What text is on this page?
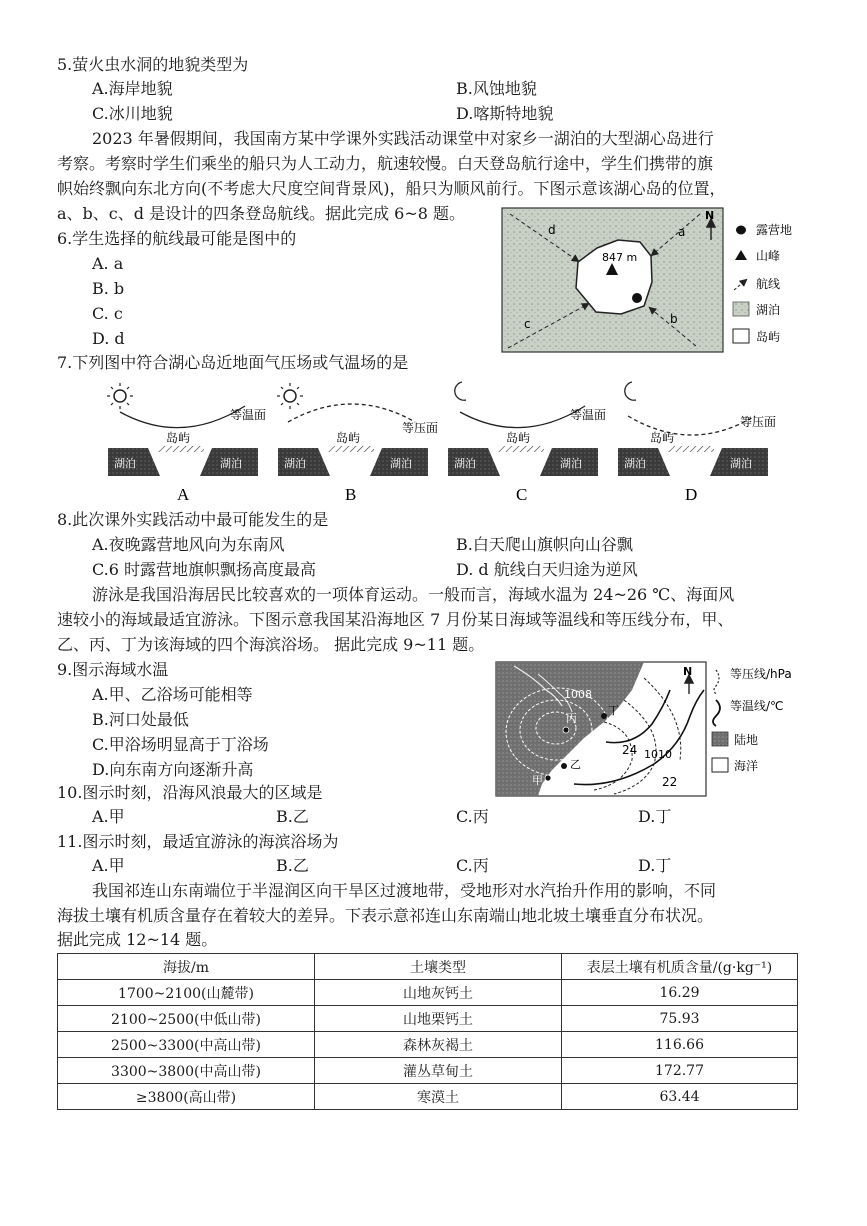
5.萤火虫水洞的地貌类型为
A.海岸地貌	B.风蚀地貌
C.冰川地貌	D.喀斯特地貌
2023 年暑假期间，我国南方某中学课外实践活动课堂中对家乡一湖泊的大型湖心岛进行
考察。考察时学生们乘坐的船只为人工动力，航速较慢。白天登岛航行途中，学生们携带的旗
帜始终飘向东北方向(不考虑大尺度空间背景风)，船只为顺风前行。下图示意该湖心岛的位置，
a、b、c、d 是设计的四条登岛航线。据此完成 6~8 题。
6.学生选择的航线最可能是图中的
A. a
B. b
C. c
D. d
847 m
a
b
c
d
N
露营地
山峰
航线
湖泊
岛屿
7.下列图中符合湖心岛近地面气压场或气温场的是
等温面
岛屿
湖泊	湖泊
A
等压面
岛屿
湖泊	湖泊
B
等温面
岛屿
湖泊	湖泊
C
等压面
岛屿
湖泊	湖泊
D
8.此次课外实践活动中最可能发生的是
A.夜晚露营地风向为东南风	B.白天爬山旗帜向山谷飘
C.6 时露营地旗帜飘扬高度最高	D. d 航线白天归途为逆风
游泳是我国沿海居民比较喜欢的一项体育运动。一般而言，海域水温为 24~26 ℃、海面风
速较小的海域最适宜游泳。下图示意我国某沿海地区 7 月份某日海域等温线和等压线分布，甲、
乙、丙、丁为该海域的四个海滨浴场。 据此完成 9~11 题。
9.图示海域水温
A.甲、乙浴场可能相等
B.河口处最低
C.甲浴场明显高于丁浴场
D.向东南方向逐渐升高
1008
1010
24
22
丙
丁
乙
甲
N	等压线/hPa
等温线/℃
陆地
海洋
10.图示时刻，沿海风浪最大的区域是
A.甲	B.乙	C.丙	D.丁
11.图示时刻，最适宜游泳的海滨浴场为
A.甲	B.乙	C.丙	D.丁
我国祁连山东南端位于半湿润区向干旱区过渡地带，受地形对水汽抬升作用的影响，不同
海拔土壤有机质含量存在着较大的差异。下表示意祁连山东南端山地北坡土壤垂直分布状况。
据此完成 12~14 题。
海拔/m	土壤类型	表层土壤有机质含量/(g·kg⁻¹)
1700~2100(山麓带)	山地灰钙土	16.29
2100~2500(中低山带)	山地栗钙土	75.93
2500~3300(中高山带)	森林灰褐土	116.66
3300~3800(中高山带)	灌丛草甸土	172.77
≥3800(高山带)	寒漠土	63.44
